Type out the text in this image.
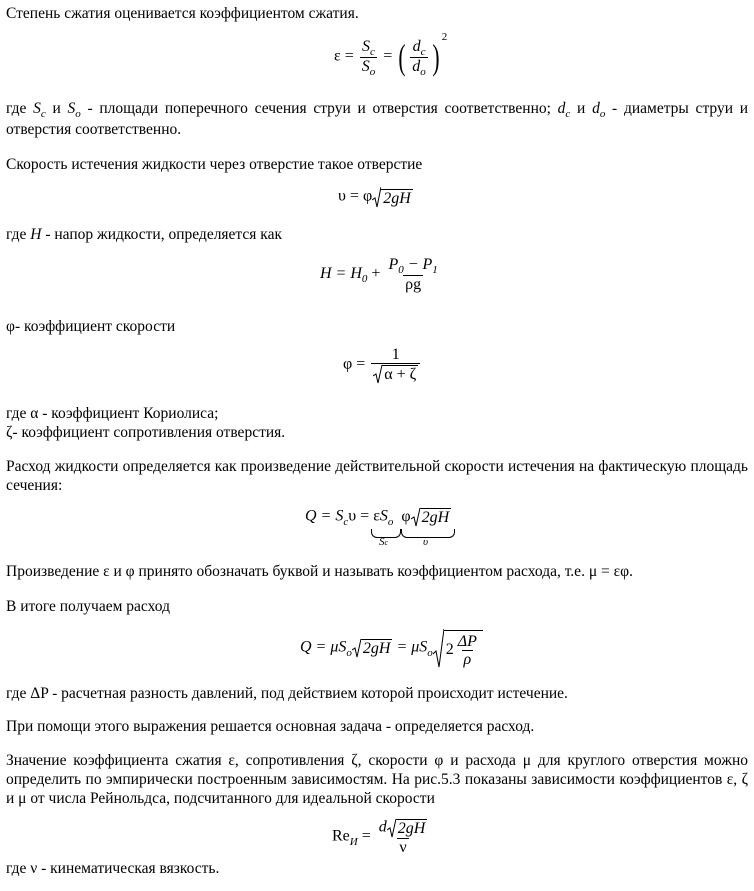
Степень сжатия оценивается коэффициентом сжатия.

$\varepsilon = \frac{S_c}{S_o}$ = ( $\frac{d_c}{d_o}$ ) $^2$

где $S_c$ и $S_o$ - площади поперечного сечения струи и отверстия соответственно; $d_c$ и $d_o$ - диаметры струи и отверстия соответственно.

Скорость истечения жидкости через отверстие такое отверстие

υ = φ 2gH

где H - напор жидкости, определяется как

$H = H_0 + \frac{P_0 - P_1}{\rho g}$

φ- коэффициент скорости

$\varphi = \frac{1}{\alpha + \zeta}$

где α - коэффициент Кориолиса;

ζ- коэффициент сопротивления отверстия.

Расход жидкости определяется как произведение действительной скорости истечения на фактическую площадь сечения:

$Q = S_c\upsilon = \varepsilon S_o$ φ 2gH
Sc	υ

Произведение ε и φ принято обозначать буквой и называть коэффициентом расхода, т.е. μ = εφ.

В итоге получаем расход

$Q = \mu S_o$ $2gH = \mu S_o$ $2 \frac{\Delta P}{\rho}$

где ΔP - расчетная разность давлений, под действием которой происходит истечение.

При помощи этого выражения решается основная задача - определяется расход.

Значение коэффициента сжатия ε, сопротивления ζ, скорости φ и расхода μ для круглого отверстия можно определить по эмпирически построенным зависимостям. На рис.5.3 показаны зависимости коэффициентов ε, ζ и μ от числа Рейнольдса, подсчитанного для идеальной скорости

$Re_И = \frac{d 2gH}{\nu}$

где ν - кинематическая вязкость.
